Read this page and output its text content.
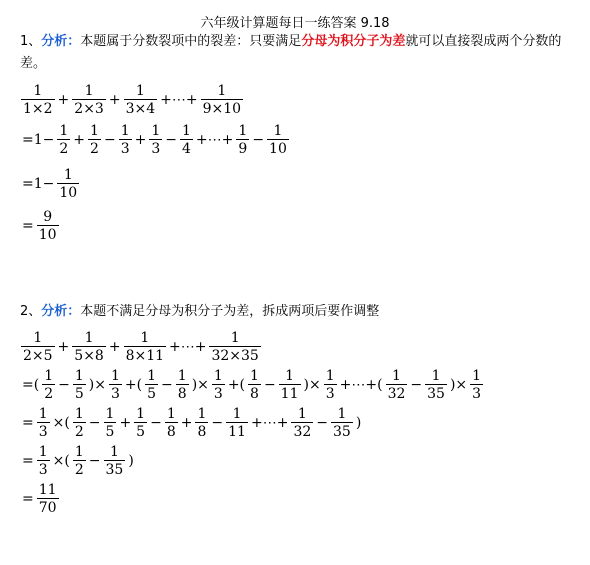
六年级计算题每日一练答案 9.18
1、分析：本题属于分数裂项中的裂差：只要满足分母为积分子为差就可以直接裂成两个分数的差。
$\frac{1}{1\times 2} + \frac{1}{2\times 3} + \frac{1}{3\times 4}$ +⋯+ $\frac{1}{9\times 10}$
$=1- \frac{1}{2} + \frac{1}{2} - \frac{1}{3} + \frac{1}{3} - \frac{1}{4}$ +⋯+ $\frac{1}{9} - \frac{1}{10}$
$=1- \frac{1}{10}$
= $\frac{9}{10}$
2、分析：本题不满足分母为积分子为差，拆成两项后要作调整
$\frac{1}{2\times 5} + \frac{1}{5\times 8} + \frac{1}{8\times 11}$ +⋯+ $\frac{1}{32\times 35}$
=( $\frac{1}{2} - \frac{1}{5}$ )× $\frac{1}{3}$ +( $\frac{1}{5} - \frac{1}{8}$ )× $\frac{1}{3}$ +( $\frac{1}{8} - \frac{1}{11}$ )× $\frac{1}{3}$ +⋯+( $\frac{1}{32} - \frac{1}{35}$ )× $\frac{1}{3}$
= $\frac{1}{3}$ ×( $\frac{1}{2} - \frac{1}{5} + \frac{1}{5} - \frac{1}{8} + \frac{1}{8} - \frac{1}{11}$ +⋯+ $\frac{1}{32} - \frac{1}{35}$ )
= $\frac{1}{3}$ ×( $\frac{1}{2} - \frac{1}{35}$ )
= $\frac{11}{70}$
